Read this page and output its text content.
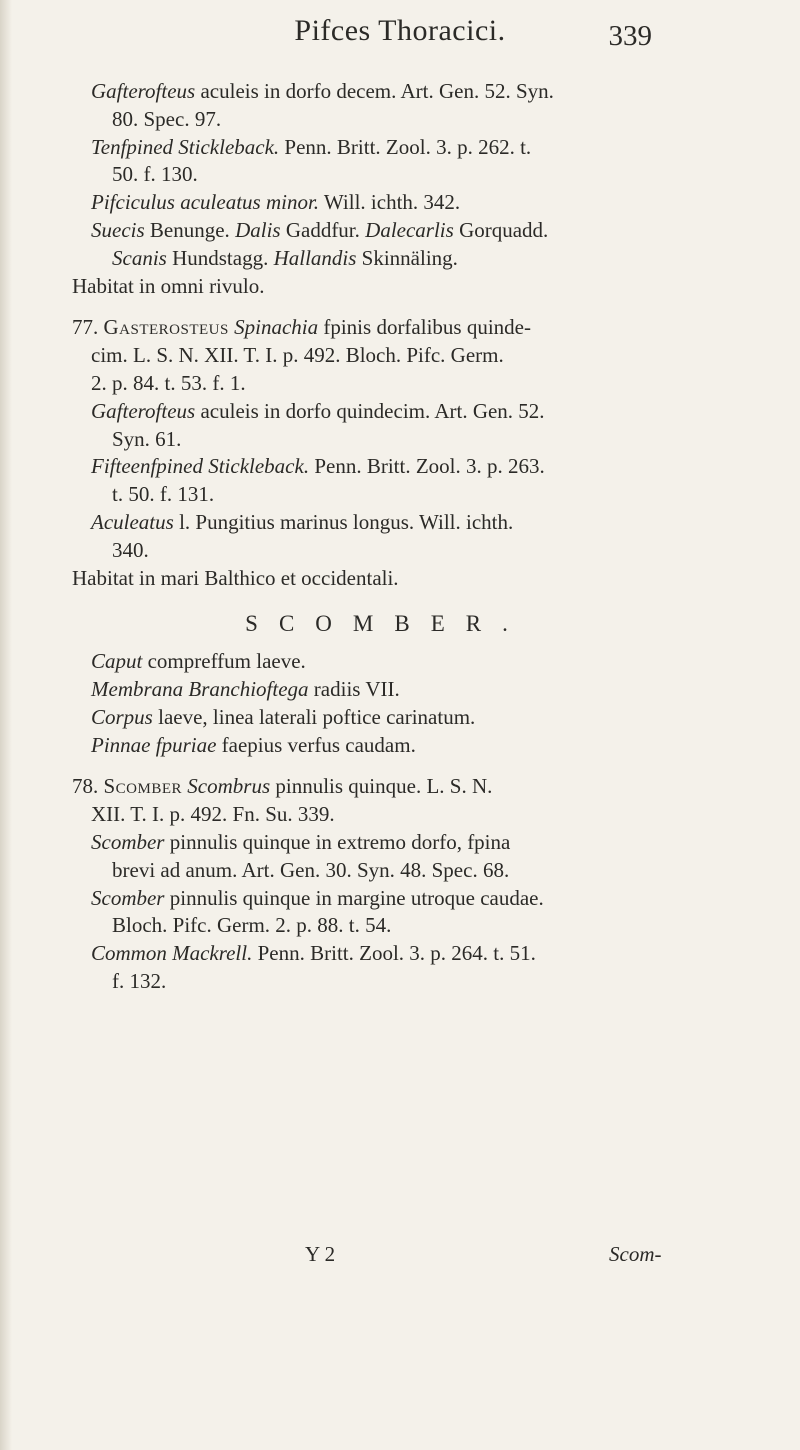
Pifces Thoracici.	339
Gafterofteus aculeis in dorfo decem. Art. Gen. 52. Syn.
80. Spec. 97.
Tenfpined Stickleback. Penn. Britt. Zool. 3. p. 262. t.
50. f. 130.
Pifciculus aculeatus minor. Will. ichth. 342.
Suecis Benunge. Dalis Gaddfur. Dalecarlis Gorquadd.
Scanis Hundstagg. Hallandis Skinnäling.
Habitat in omni rivulo.
77. Gasterosteus Spinachia fpinis dorfalibus quinde-
cim. L. S. N. XII. T. I. p. 492. Bloch. Pifc. Germ.
2. p. 84. t. 53. f. 1.
Gafterofteus aculeis in dorfo quindecim. Art. Gen. 52.
Syn. 61.
Fifteenfpined Stickleback. Penn. Britt. Zool. 3. p. 263.
t. 50. f. 131.
Aculeatus l. Pungitius marinus longus. Will. ichth.
340.
Habitat in mari Balthico et occidentali.
SCOMBER.
Caput compreffum laeve.
Membrana Branchioftega radiis VII.
Corpus laeve, linea laterali poftice carinatum.
Pinnae fpuriae faepius verfus caudam.
78. Scomber Scombrus pinnulis quinque. L. S. N.
XII. T. I. p. 492. Fn. Su. 339.
Scomber pinnulis quinque in extremo dorfo, fpina
brevi ad anum. Art. Gen. 30. Syn. 48. Spec. 68.
Scomber pinnulis quinque in margine utroque caudae.
Bloch. Pifc. Germ. 2. p. 88. t. 54.
Common Mackrell. Penn. Britt. Zool. 3. p. 264. t. 51.
f. 132.
Y 2	Scom-
